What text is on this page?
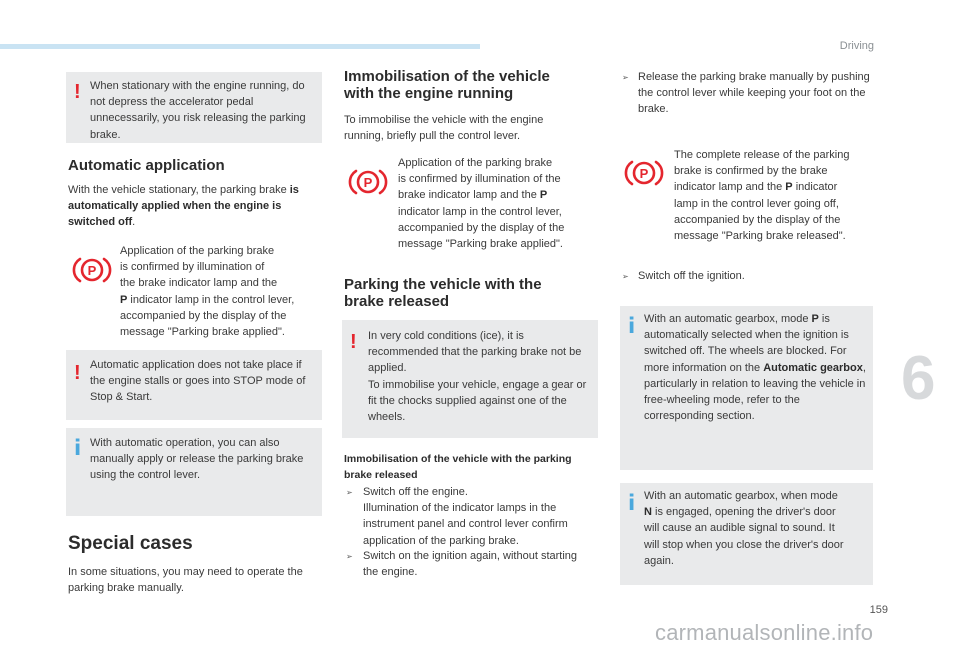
Driving
6
159
carmanualsonline.info
! When stationary with the engine running, do not depress the accelerator pedal unnecessarily, you risk releasing the parking brake.

Automatic application

With the vehicle stationary, the parking brake is automatically applied when the engine is switched off.

Application of the parking brake
is confirmed by illumination of
the brake indicator lamp and the
P indicator lamp in the control lever,
accompanied by the display of the
message "Parking brake applied".
! Automatic application does not take place if the engine stalls or goes into STOP mode of Stop & Start.

i With automatic operation, you can also manually apply or release the parking brake using the control lever.

Special cases

In some situations, you may need to operate the parking brake manually.

Immobilisation of the vehicle
with the engine running

To immobilise the vehicle with the engine running, briefly pull the control lever.

Application of the parking brake
is confirmed by illumination of the
brake indicator lamp and the P
indicator lamp in the control lever,
accompanied by the display of the
message "Parking brake applied".
Parking the vehicle with the
brake released
! In very cold conditions (ice), it is recommended that the parking brake not be applied.
To immobilise your vehicle, engage a gear or fit the chocks supplied against one of the wheels.

Immobilisation of the vehicle with the parking brake released

➢ Switch off the engine.
Illumination of the indicator lamps in the instrument panel and control lever confirm application of the parking brake.
➢ Switch on the ignition again, without starting the engine.

➢ Release the parking brake manually by pushing the control lever while keeping your foot on the brake.

The complete release of the parking
brake is confirmed by the brake
indicator lamp and the P indicator
lamp in the control lever going off,
accompanied by the display of the
message "Parking brake released".
➢ Switch off the ignition.

i With an automatic gearbox, mode P is automatically selected when the ignition is switched off. The wheels are blocked. For more information on the Automatic gearbox, particularly in relation to leaving the vehicle in free-wheeling mode, refer to the corresponding section.

i With an automatic gearbox, when mode N is engaged, opening the driver's door will cause an audible signal to sound. It will stop when you close the driver's door again.
